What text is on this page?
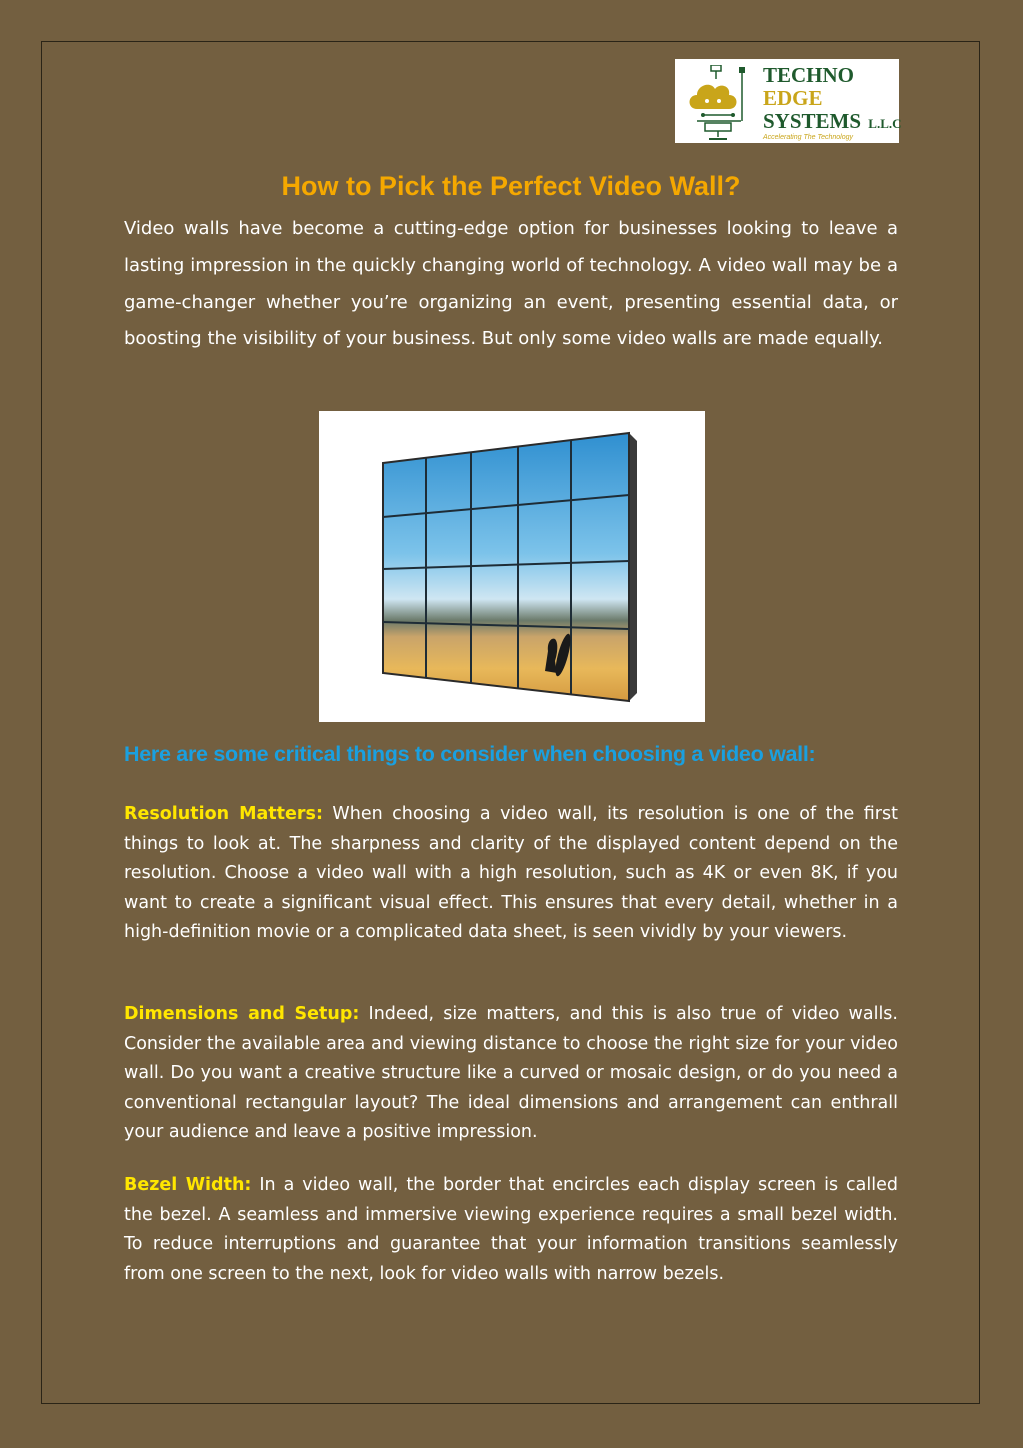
TECHNO
EDGE
SYSTEMS L.L.C
Accelerating The Technology
How to Pick the Perfect Video Wall?

Video walls have become a cutting-edge option for businesses looking to leave a lasting impression in the quickly changing world of technology. A video wall may be a game-changer whether you’re organizing an event, presenting essential data, or boosting the visibility of your business. But only some video walls are made equally.

Here are some critical things to consider when choosing a video wall:

Resolution Matters: When choosing a video wall, its resolution is one of the first things to look at. The sharpness and clarity of the displayed content depend on the resolution. Choose a video wall with a high resolution, such as 4K or even 8K, if you want to create a significant visual effect. This ensures that every detail, whether in a high-definition movie or a complicated data sheet, is seen vividly by your viewers.

Dimensions and Setup: Indeed, size matters, and this is also true of video walls. Consider the available area and viewing distance to choose the right size for your video wall. Do you want a creative structure like a curved or mosaic design, or do you need a conventional rectangular layout? The ideal dimensions and arrangement can enthrall your audience and leave a positive impression.

Bezel Width: In a video wall, the border that encircles each display screen is called the bezel. A seamless and immersive viewing experience requires a small bezel width. To reduce interruptions and guarantee that your information transitions seamlessly from one screen to the next, look for video walls with narrow bezels.
